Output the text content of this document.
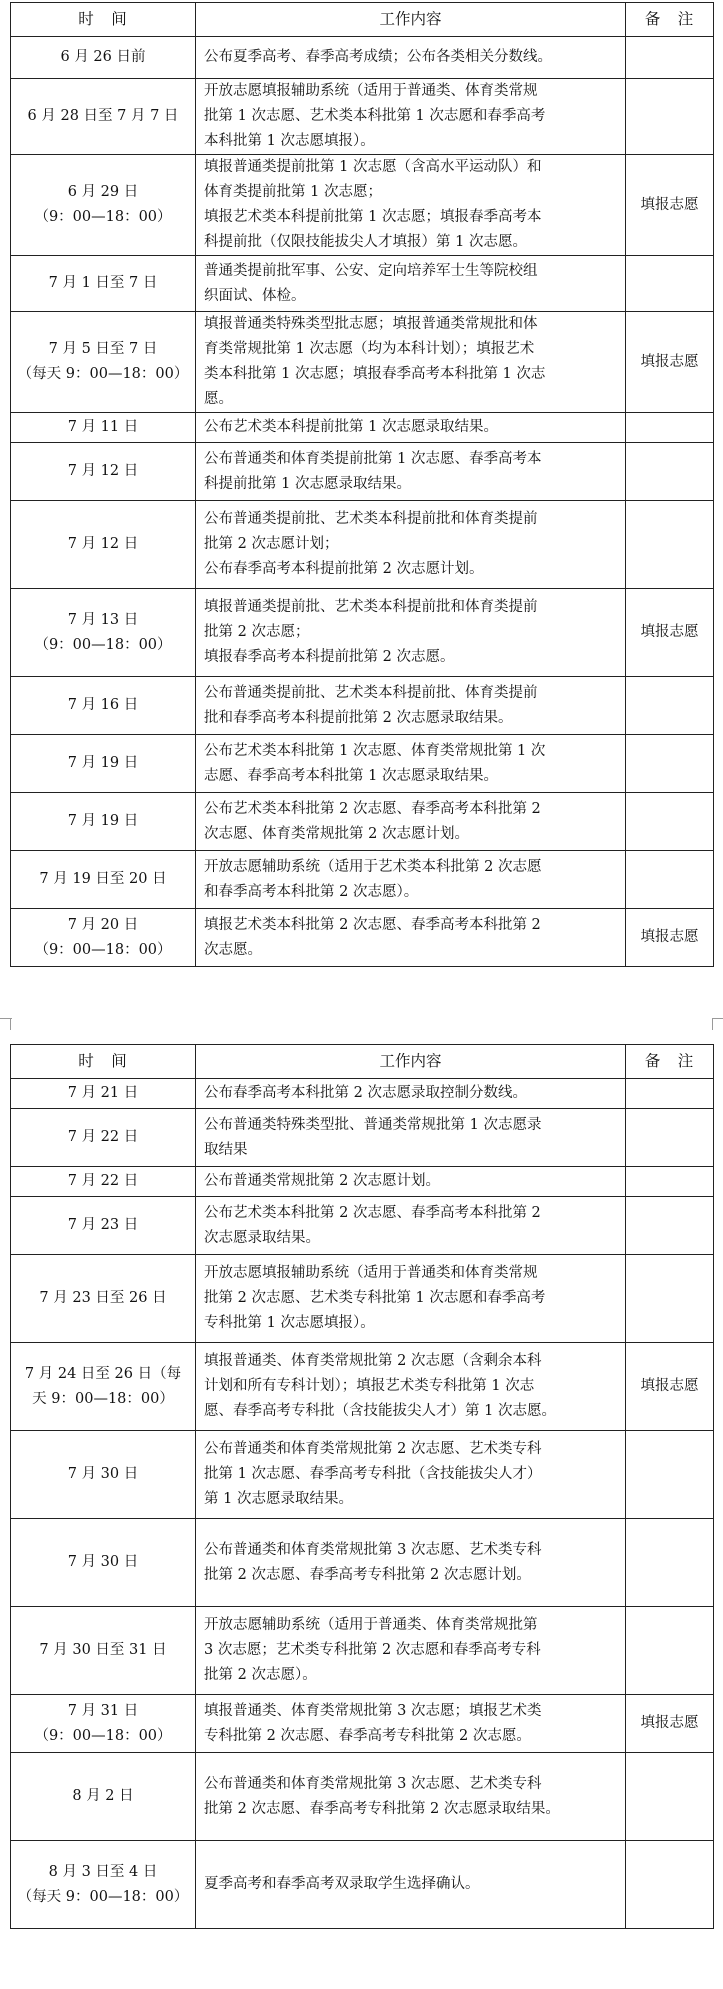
时　间	工作内容	备　注

6 月 26 日前	公布夏季高考、春季高考成绩；公布各类相关分数线。	

6 月 28 日至 7 月 7 日	开放志愿填报辅助系统（适用于普通类、体育类常规
批第 1 次志愿、艺术类本科批第 1 次志愿和春季高考
本科批第 1 次志愿填报）。	

6 月 29 日
（9：00—18：00）	填报普通类提前批第 1 次志愿（含高水平运动队）和
体育类提前批第 1 次志愿；
填报艺术类本科提前批第 1 次志愿；填报春季高考本
科提前批（仅限技能拔尖人才填报）第 1 次志愿。	填报志愿

7 月 1 日至 7 日	普通类提前批军事、公安、定向培养军士生等院校组
织面试、体检。	

7 月 5 日至 7 日
（每天 9：00—18：00）	填报普通类特殊类型批志愿；填报普通类常规批和体
育类常规批第 1 次志愿（均为本科计划）；填报艺术
类本科批第 1 次志愿；填报春季高考本科批第 1 次志
愿。	填报志愿

7 月 11 日	公布艺术类本科提前批第 1 次志愿录取结果。	

7 月 12 日	公布普通类和体育类提前批第 1 次志愿、春季高考本
科提前批第 1 次志愿录取结果。	

7 月 12 日	公布普通类提前批、艺术类本科提前批和体育类提前
批第 2 次志愿计划；
公布春季高考本科提前批第 2 次志愿计划。	

7 月 13 日
（9：00—18：00）	填报普通类提前批、艺术类本科提前批和体育类提前
批第 2 次志愿；
填报春季高考本科提前批第 2 次志愿。	填报志愿

7 月 16 日	公布普通类提前批、艺术类本科提前批、体育类提前
批和春季高考本科提前批第 2 次志愿录取结果。	

7 月 19 日	公布艺术类本科批第 1 次志愿、体育类常规批第 1 次
志愿、春季高考本科批第 1 次志愿录取结果。	

7 月 19 日	公布艺术类本科批第 2 次志愿、春季高考本科批第 2
次志愿、体育类常规批第 2 次志愿计划。	

7 月 19 日至 20 日	开放志愿辅助系统（适用于艺术类本科批第 2 次志愿
和春季高考本科批第 2 次志愿）。	

7 月 20 日
（9：00—18：00）	填报艺术类本科批第 2 次志愿、春季高考本科批第 2
次志愿。	填报志愿
时　间	工作内容	备　注

7 月 21 日	公布春季高考本科批第 2 次志愿录取控制分数线。	

7 月 22 日	公布普通类特殊类型批、普通类常规批第 1 次志愿录
取结果	

7 月 22 日	公布普通类常规批第 2 次志愿计划。	

7 月 23 日	公布艺术类本科批第 2 次志愿、春季高考本科批第 2
次志愿录取结果。	

7 月 23 日至 26 日	开放志愿填报辅助系统（适用于普通类和体育类常规
批第 2 次志愿、艺术类专科批第 1 次志愿和春季高考
专科批第 1 次志愿填报）。	

7 月 24 日至 26 日（每
天 9：00—18：00）	填报普通类、体育类常规批第 2 次志愿（含剩余本科
计划和所有专科计划）；填报艺术类专科批第 1 次志
愿、春季高考专科批（含技能拔尖人才）第 1 次志愿。	填报志愿

7 月 30 日	公布普通类和体育类常规批第 2 次志愿、艺术类专科
批第 1 次志愿、春季高考专科批（含技能拔尖人才）
第 1 次志愿录取结果。	

7 月 30 日	公布普通类和体育类常规批第 3 次志愿、艺术类专科
批第 2 次志愿、春季高考专科批第 2 次志愿计划。	

7 月 30 日至 31 日	开放志愿辅助系统（适用于普通类、体育类常规批第
3 次志愿；艺术类专科批第 2 次志愿和春季高考专科
批第 2 次志愿）。	

7 月 31 日
（9：00—18：00）	填报普通类、体育类常规批第 3 次志愿；填报艺术类
专科批第 2 次志愿、春季高考专科批第 2 次志愿。	填报志愿

8 月 2 日	公布普通类和体育类常规批第 3 次志愿、艺术类专科
批第 2 次志愿、春季高考专科批第 2 次志愿录取结果。	

8 月 3 日至 4 日
（每天 9：00—18：00）	夏季高考和春季高考双录取学生选择确认。	
